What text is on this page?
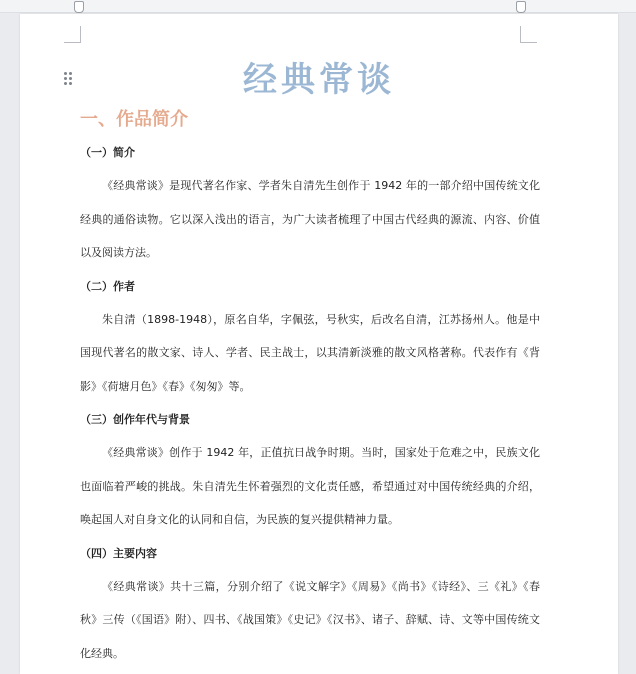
经典常谈
一、作品简介
（一）简介

《经典常谈》是现代著名作家、学者朱自清先生创作于 1942 年的一部介绍中国传统文化经典的通俗读物。它以深入浅出的语言，为广大读者梳理了中国古代经典的源流、内容、价值以及阅读方法。

（二）作者

朱自清（1898-1948），原名自华，字佩弦，号秋实，后改名自清，江苏扬州人。他是中国现代著名的散文家、诗人、学者、民主战士，以其清新淡雅的散文风格著称。代表作有《背影》《荷塘月色》《春》《匆匆》等。

（三）创作年代与背景

《经典常谈》创作于 1942 年，正值抗日战争时期。当时，国家处于危难之中，民族文化也面临着严峻的挑战。朱自清先生怀着强烈的文化责任感，希望通过对中国传统经典的介绍，唤起国人对自身文化的认同和自信，为民族的复兴提供精神力量。

（四）主要内容

《经典常谈》共十三篇，分别介绍了《说文解字》《周易》《尚书》《诗经》、三《礼》《春秋》三传（《国语》附）、四书、《战国策》《史记》《汉书》、诸子、辞赋、诗、文等中国传统文化经典。
